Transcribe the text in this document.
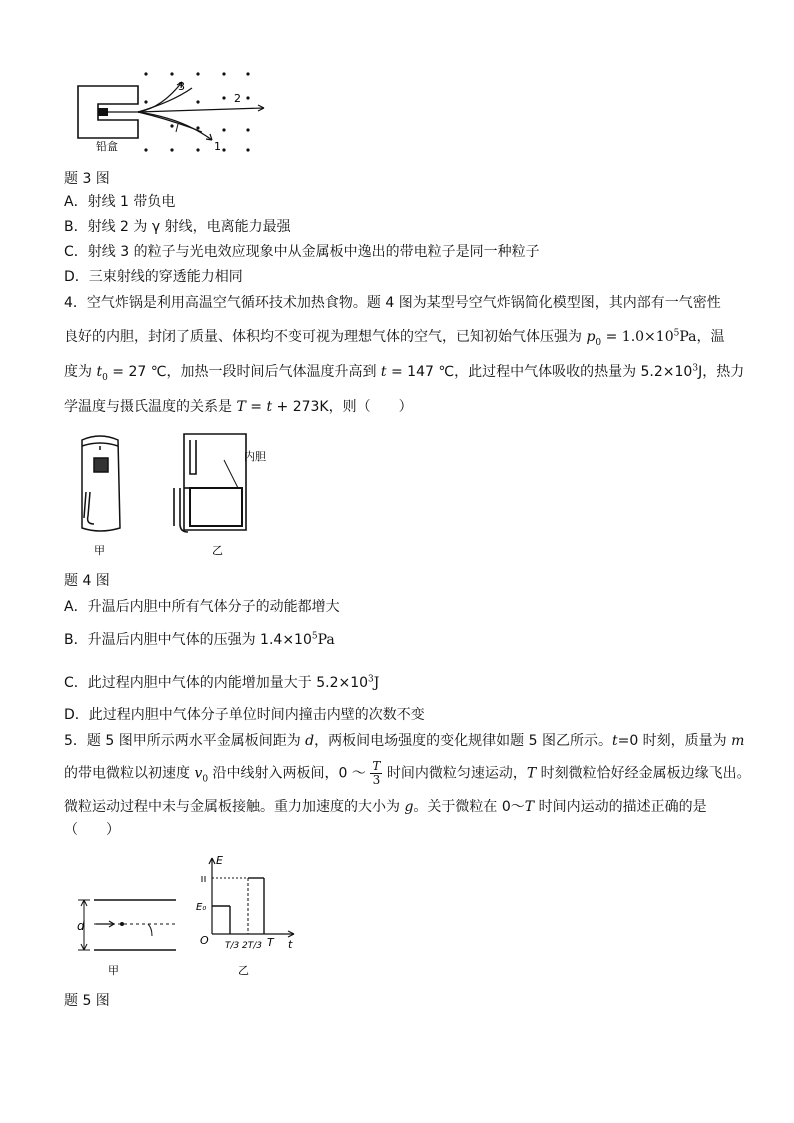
铅盒
3
2
1
题 3 图
A．射线 1 带负电
B．射线 2 为 γ 射线，电离能力最强
C．射线 3 的粒子与光电效应现象中从金属板中逸出的带电粒子是同一种粒子
D．三束射线的穿透能力相同
4．空气炸锅是利用高温空气循环技术加热食物。题 4 图为某型号空气炸锅简化模型图，其内部有一气密性
良好的内胆，封闭了质量、体积均不变可视为理想气体的空气，已知初始气体压强为 $p_0 = 1.0\times 10^5Pa$，温
度为 $t_0 = 27$ ℃，加热一段时间后气体温度升高到 t = 147 ℃，此过程中气体吸收的热量为 $5.2\times 10^3J$，热力
学温度与摄氏温度的关系是 T = t + 273K，则（　　）
甲
内胆
乙
题 4 图
A．升温后内胆中所有气体分子的动能都增大
B．升温后内胆中气体的压强为 $1.4\times 10^5Pa$
C．此过程内胆中气体的内能增加量大于 $5.2\times 10^3J$
D．此过程内胆中气体分子单位时间内撞击内壁的次数不变
5．题 5 图甲所示两水平金属板间距为 d，两板间电场强度的变化规律如题 5 图乙所示。t=0 时刻，质量为 m
的带电微粒以初速度 $v_0$ 沿中线射入两板间，0 ～ $\frac{T}{3}$ 时间内微粒匀速运动，T 时刻微粒恰好经金属板边缘飞出。
微粒运动过程中未与金属板接触。重力加速度的大小为 g。关于微粒在 0～T 时间内运动的描述正确的是
（　　）
d
甲
E
t
O
E₀
T/3 2T/3 T
乙
题 5 图
